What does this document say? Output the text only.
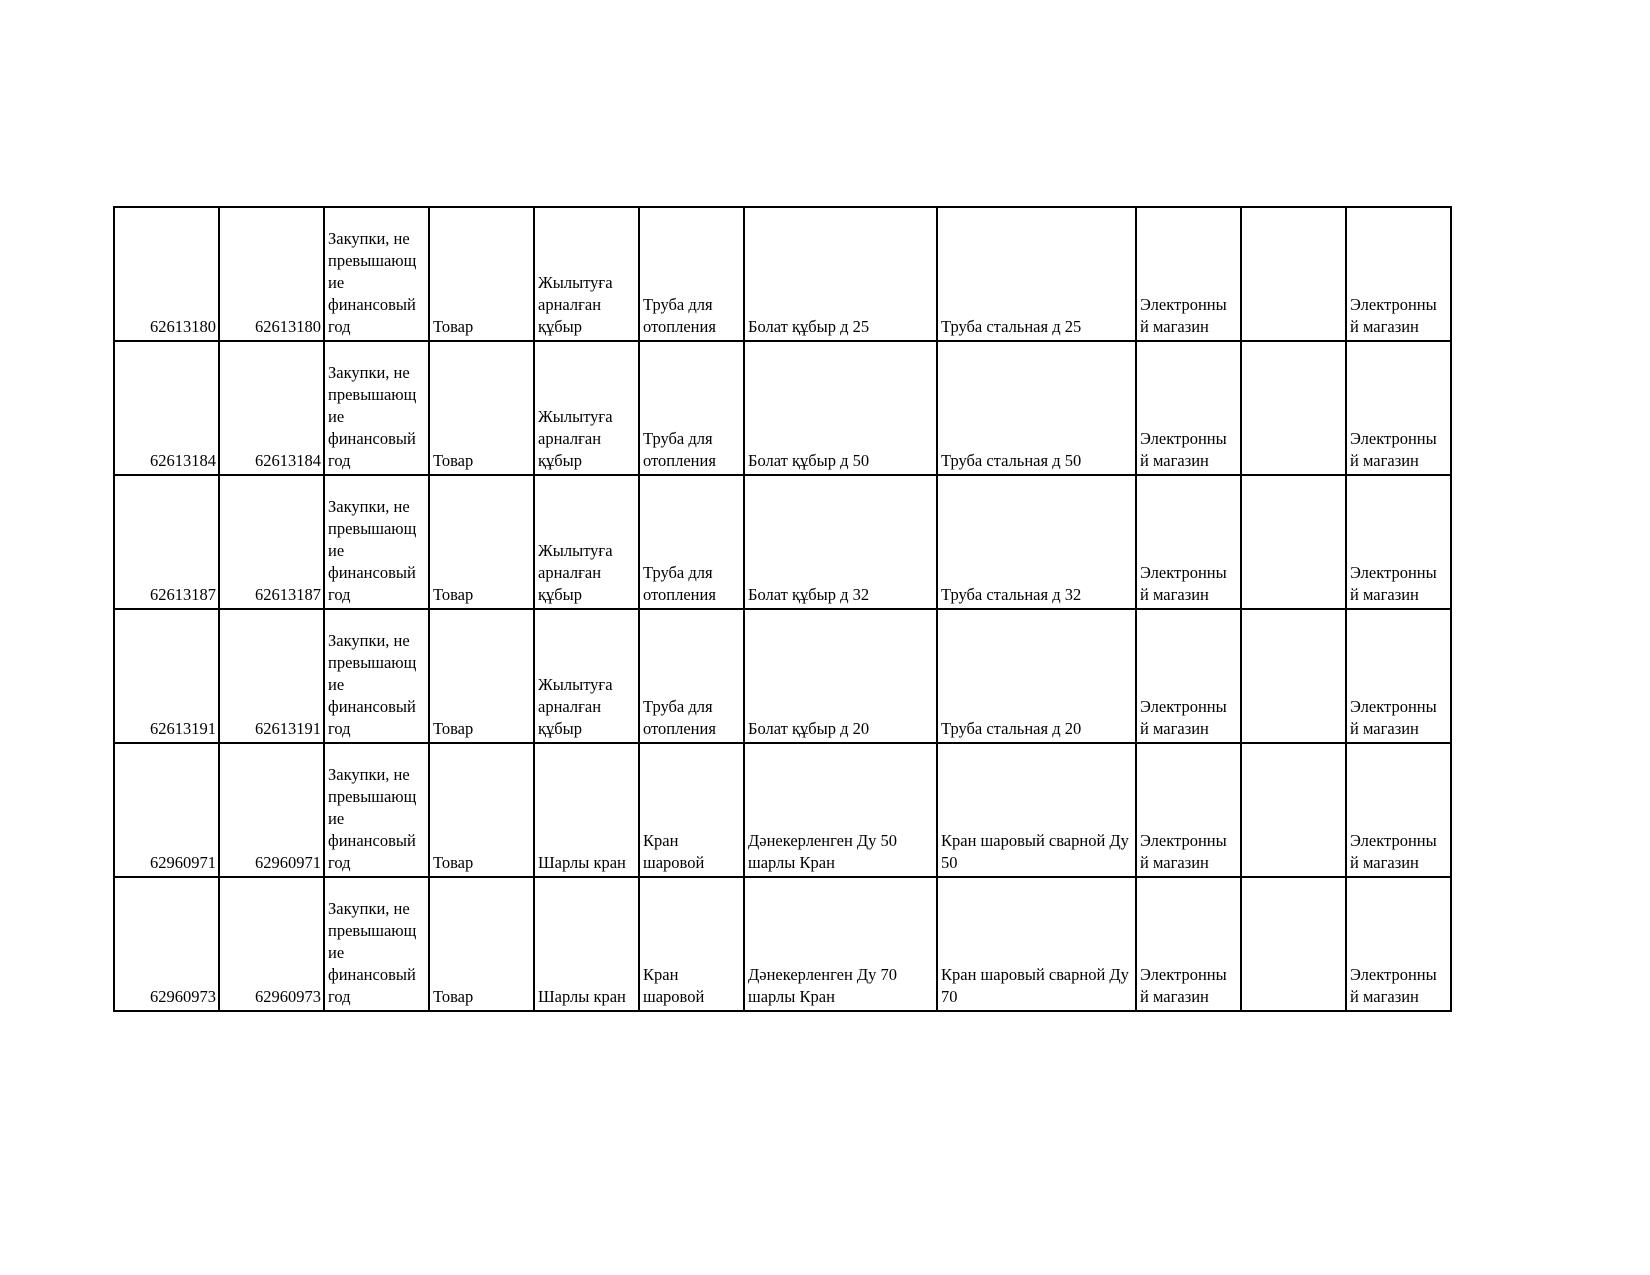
62613180	62613180	Закупки, не превышающ ие финансовый год	Товар	Жылытуға арналған құбыр	Труба для отопления	Болат құбыр д 25	Труба стальная д 25	Электронны й магазин		Электронны й магазин

62613184	62613184	Закупки, не превышающ ие финансовый год	Товар	Жылытуға арналған құбыр	Труба для отопления	Болат құбыр д 50	Труба стальная д 50	Электронны й магазин		Электронны й магазин

62613187	62613187	Закупки, не превышающ ие финансовый год	Товар	Жылытуға арналған құбыр	Труба для отопления	Болат құбыр д 32	Труба стальная д 32	Электронны й магазин		Электронны й магазин

62613191	62613191	Закупки, не превышающ ие финансовый год	Товар	Жылытуға арналған құбыр	Труба для отопления	Болат құбыр д 20	Труба стальная д 20	Электронны й магазин		Электронны й магазин

62960971	62960971	Закупки, не превышающ ие финансовый год	Товар	Шарлы кран	Кран шаровой	Дәнекерленген Ду 50 шарлы Кран	Кран шаровый сварной Ду 50	Электронны й магазин		Электронны й магазин

62960973	62960973	Закупки, не превышающ ие финансовый год	Товар	Шарлы кран	Кран шаровой	Дәнекерленген Ду 70 шарлы Кран	Кран шаровый сварной Ду 70	Электронны й магазин		Электронны й магазин
